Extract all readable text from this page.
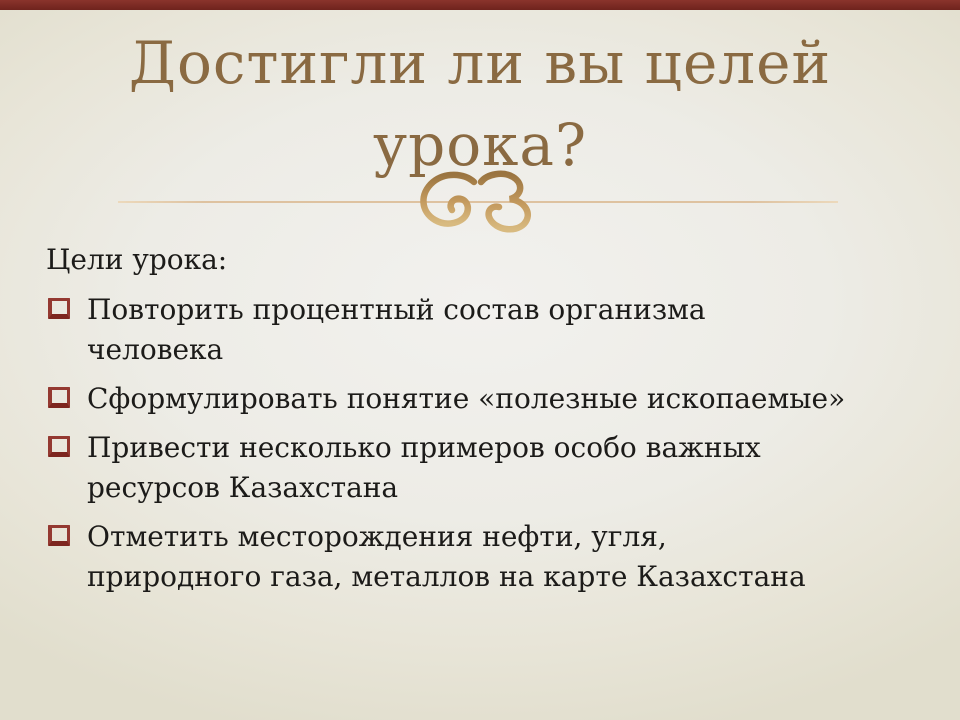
Достигли ли вы целей
урока?

Цели урока:

Повторить процентный состав организма человека
Сформулировать понятие «полезные ископаемые»
Привести несколько примеров особо важных ресурсов Казахстана
Отметить месторождения нефти, угля, природного газа, металлов на карте Казахстана
